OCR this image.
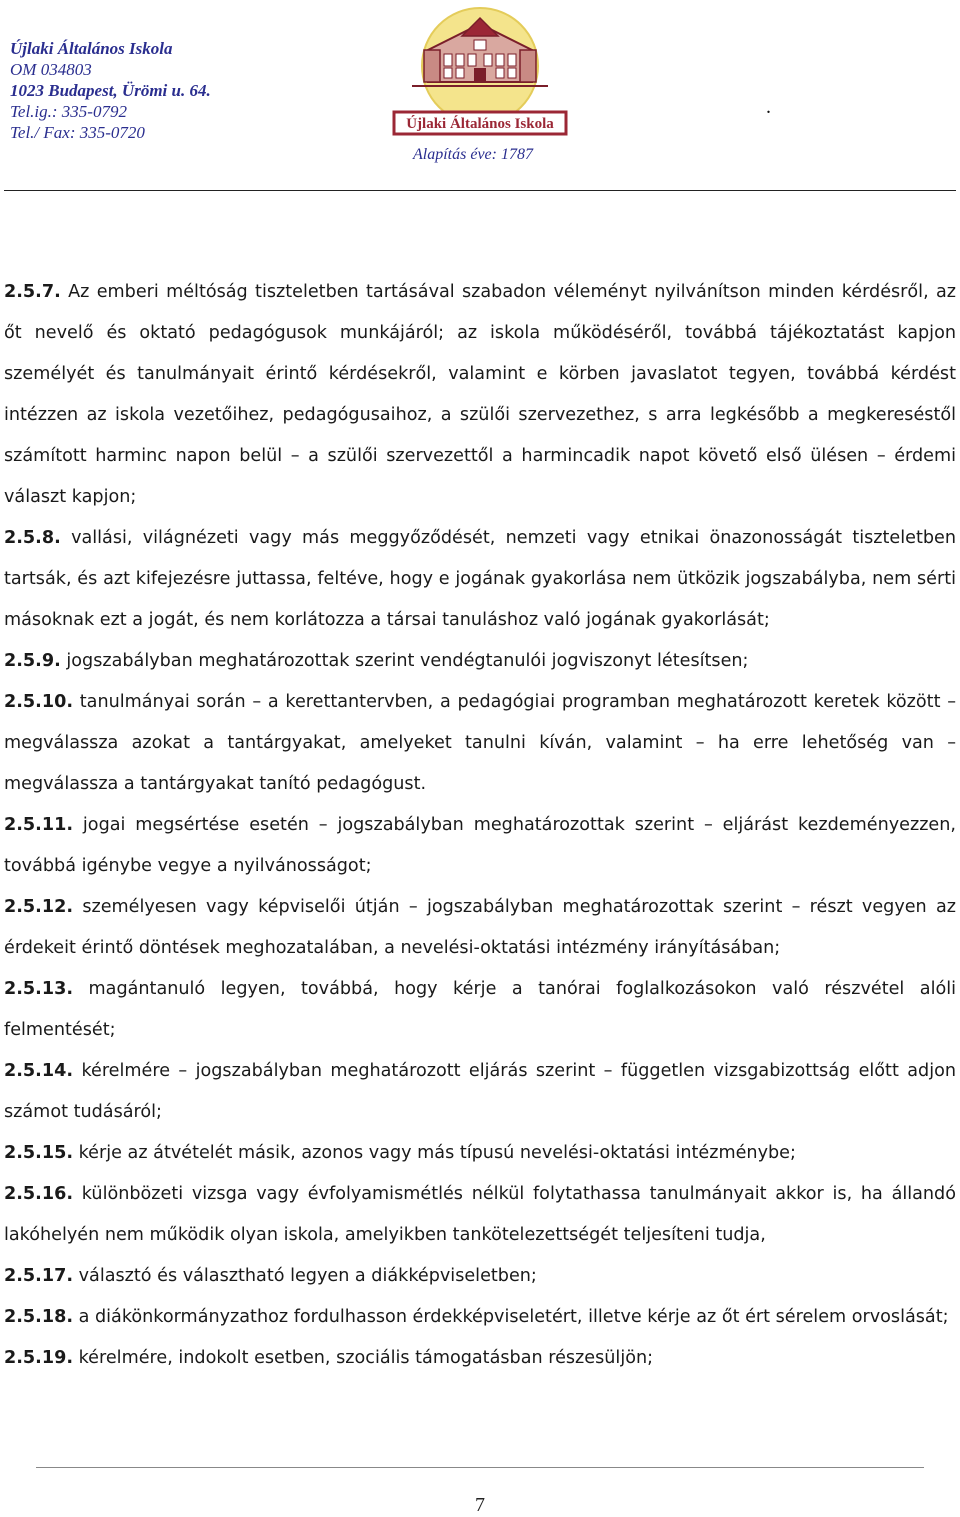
Újlaki Általános Iskola
OM 034803
1023 Budapest, Ürömi u. 64.
Tel.ig.: 335-0792
Tel./ Fax: 335-0720	Újlaki Általános Iskola
Alapítás éve: 1787
.

2.5.7. Az emberi méltóság tiszteletben tartásával szabadon véleményt nyilvánítson minden kérdésről, az őt nevelő és oktató pedagógusok munkájáról; az iskola működéséről, továbbá tájékoztatást kapjon személyét és tanulmányait érintő kérdésekről, valamint e körben javaslatot tegyen, továbbá kérdést intézzen az iskola vezetőihez, pedagógusaihoz, a szülői szervezethez, s arra legkésőbb a megkereséstől számított harminc napon belül – a szülői szervezettől a harmincadik napot követő első ülésen – érdemi választ kapjon;

2.5.8. vallási, világnézeti vagy más meggyőződését, nemzeti vagy etnikai önazonosságát tiszteletben tartsák, és azt kifejezésre juttassa, feltéve, hogy e jogának gyakorlása nem ütközik jogszabályba, nem sérti másoknak ezt a jogát, és nem korlátozza a társai tanuláshoz való jogának gyakorlását;

2.5.9. jogszabályban meghatározottak szerint vendégtanulói jogviszonyt létesítsen;

2.5.10. tanulmányai során – a kerettantervben, a pedagógiai programban meghatározott keretek között – megválassza azokat a tantárgyakat, amelyeket tanulni kíván, valamint – ha erre lehetőség van – megválassza a tantárgyakat tanító pedagógust.

2.5.11. jogai megsértése esetén – jogszabályban meghatározottak szerint – eljárást kezdeményezzen, továbbá igénybe vegye a nyilvánosságot;

2.5.12. személyesen vagy képviselői útján – jogszabályban meghatározottak szerint – részt vegyen az érdekeit érintő döntések meghozatalában, a nevelési-oktatási intézmény irányításában;

2.5.13. magántanuló legyen, továbbá, hogy kérje a tanórai foglalkozásokon való részvétel alóli felmentését;

2.5.14. kérelmére – jogszabályban meghatározott eljárás szerint – független vizsgabizottság előtt adjon számot tudásáról;

2.5.15. kérje az átvételét másik, azonos vagy más típusú nevelési-oktatási intézménybe;

2.5.16. különbözeti vizsga vagy évfolyamismétlés nélkül folytathassa tanulmányait akkor is, ha állandó lakóhelyén nem működik olyan iskola, amelyikben tankötelezettségét teljesíteni tudja,

2.5.17. választó és választható legyen a diákképviseletben;

2.5.18. a diákönkormányzathoz fordulhasson érdekképviseletért, illetve kérje az őt ért sérelem orvoslását;

2.5.19. kérelmére, indokolt esetben, szociális támogatásban részesüljön;

7
